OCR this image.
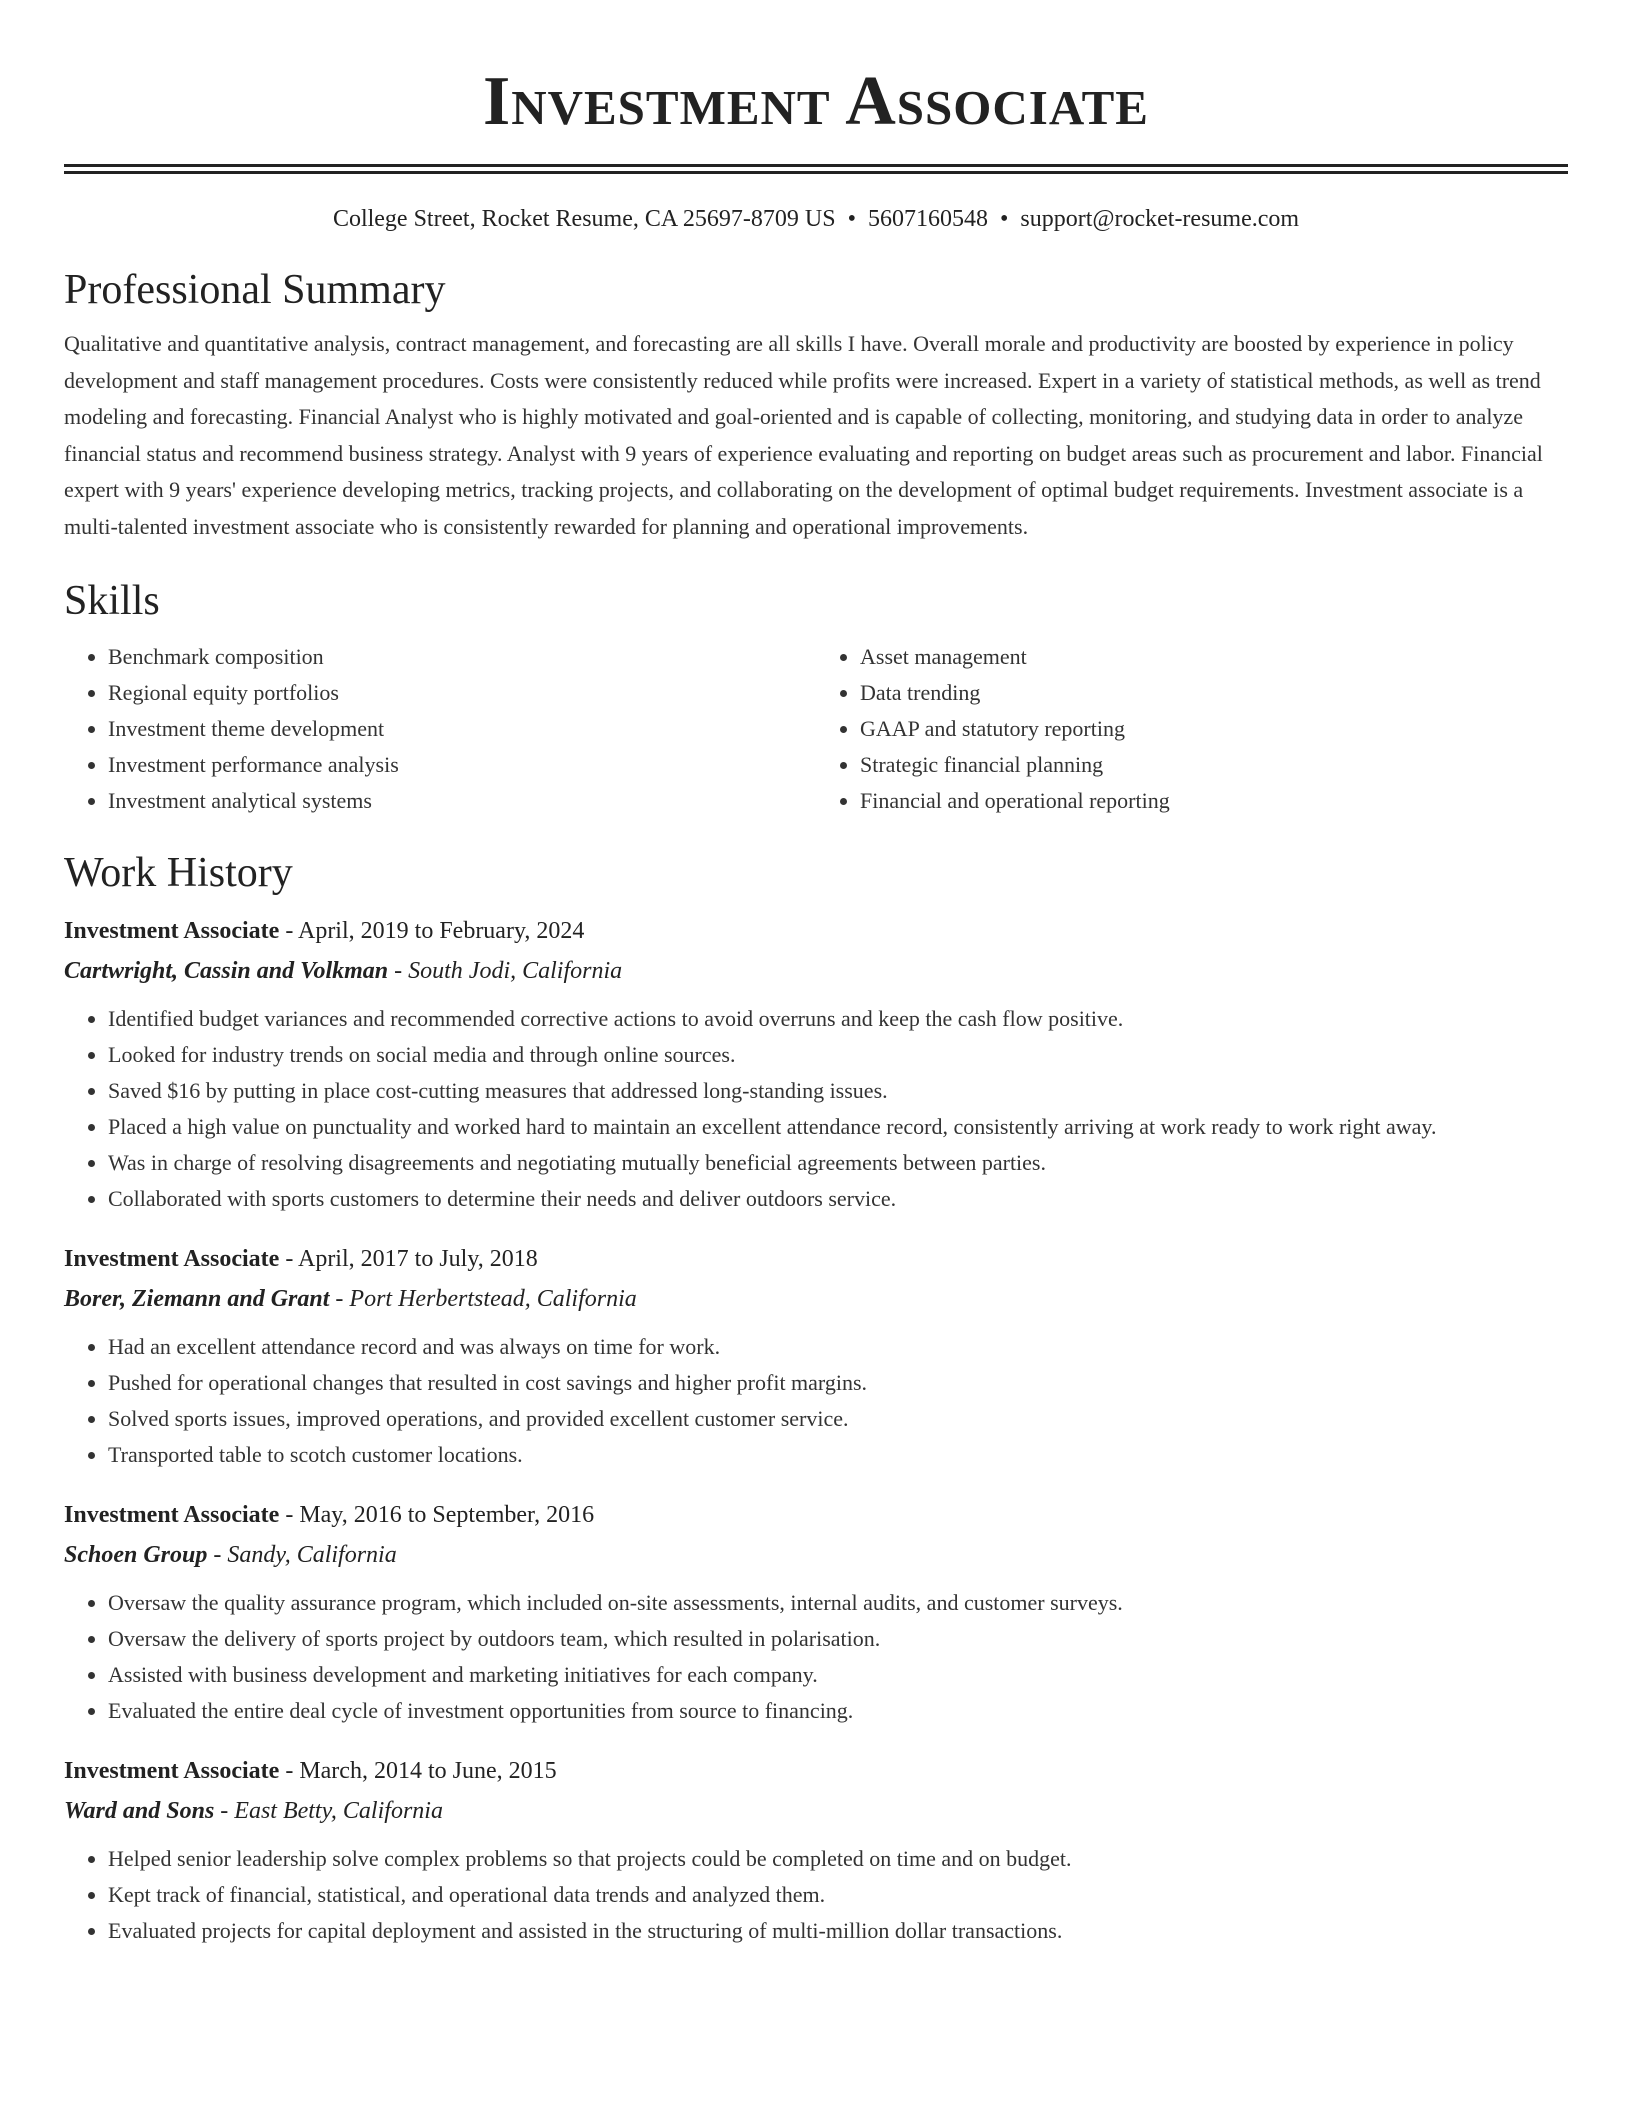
Investment Associate
College Street, Rocket Resume, CA 25697-8709 US • 5607160548 • support@rocket-resume.com
Professional Summary
Qualitative and quantitative analysis, contract management, and forecasting are all skills I have. Overall morale and productivity are boosted by experience in policy development and staff management procedures. Costs were consistently reduced while profits were increased. Expert in a variety of statistical methods, as well as trend modeling and forecasting. Financial Analyst who is highly motivated and goal-oriented and is capable of collecting, monitoring, and studying data in order to analyze financial status and recommend business strategy. Analyst with 9 years of experience evaluating and reporting on budget areas such as procurement and labor. Financial expert with 9 years' experience developing metrics, tracking projects, and collaborating on the development of optimal budget requirements. Investment associate is a multi-talented investment associate who is consistently rewarded for planning and operational improvements.
Skills
• Benchmark composition
• Regional equity portfolios
• Investment theme development
• Investment performance analysis
• Investment analytical systems
• Asset management
• Data trending
• GAAP and statutory reporting
• Strategic financial planning
• Financial and operational reporting
Work History
Investment Associate - April, 2019 to February, 2024
Cartwright, Cassin and Volkman - South Jodi, California
• Identified budget variances and recommended corrective actions to avoid overruns and keep the cash flow positive.
• Looked for industry trends on social media and through online sources.
• Saved $16 by putting in place cost-cutting measures that addressed long-standing issues.
• Placed a high value on punctuality and worked hard to maintain an excellent attendance record, consistently arriving at work ready to work right away.
• Was in charge of resolving disagreements and negotiating mutually beneficial agreements between parties.
• Collaborated with sports customers to determine their needs and deliver outdoors service.
Investment Associate - April, 2017 to July, 2018
Borer, Ziemann and Grant - Port Herbertstead, California
• Had an excellent attendance record and was always on time for work.
• Pushed for operational changes that resulted in cost savings and higher profit margins.
• Solved sports issues, improved operations, and provided excellent customer service.
• Transported table to scotch customer locations.
Investment Associate - May, 2016 to September, 2016
Schoen Group - Sandy, California
• Oversaw the quality assurance program, which included on-site assessments, internal audits, and customer surveys.
• Oversaw the delivery of sports project by outdoors team, which resulted in polarisation.
• Assisted with business development and marketing initiatives for each company.
• Evaluated the entire deal cycle of investment opportunities from source to financing.
Investment Associate - March, 2014 to June, 2015
Ward and Sons - East Betty, California
• Helped senior leadership solve complex problems so that projects could be completed on time and on budget.
• Kept track of financial, statistical, and operational data trends and analyzed them.
• Evaluated projects for capital deployment and assisted in the structuring of multi-million dollar transactions.
